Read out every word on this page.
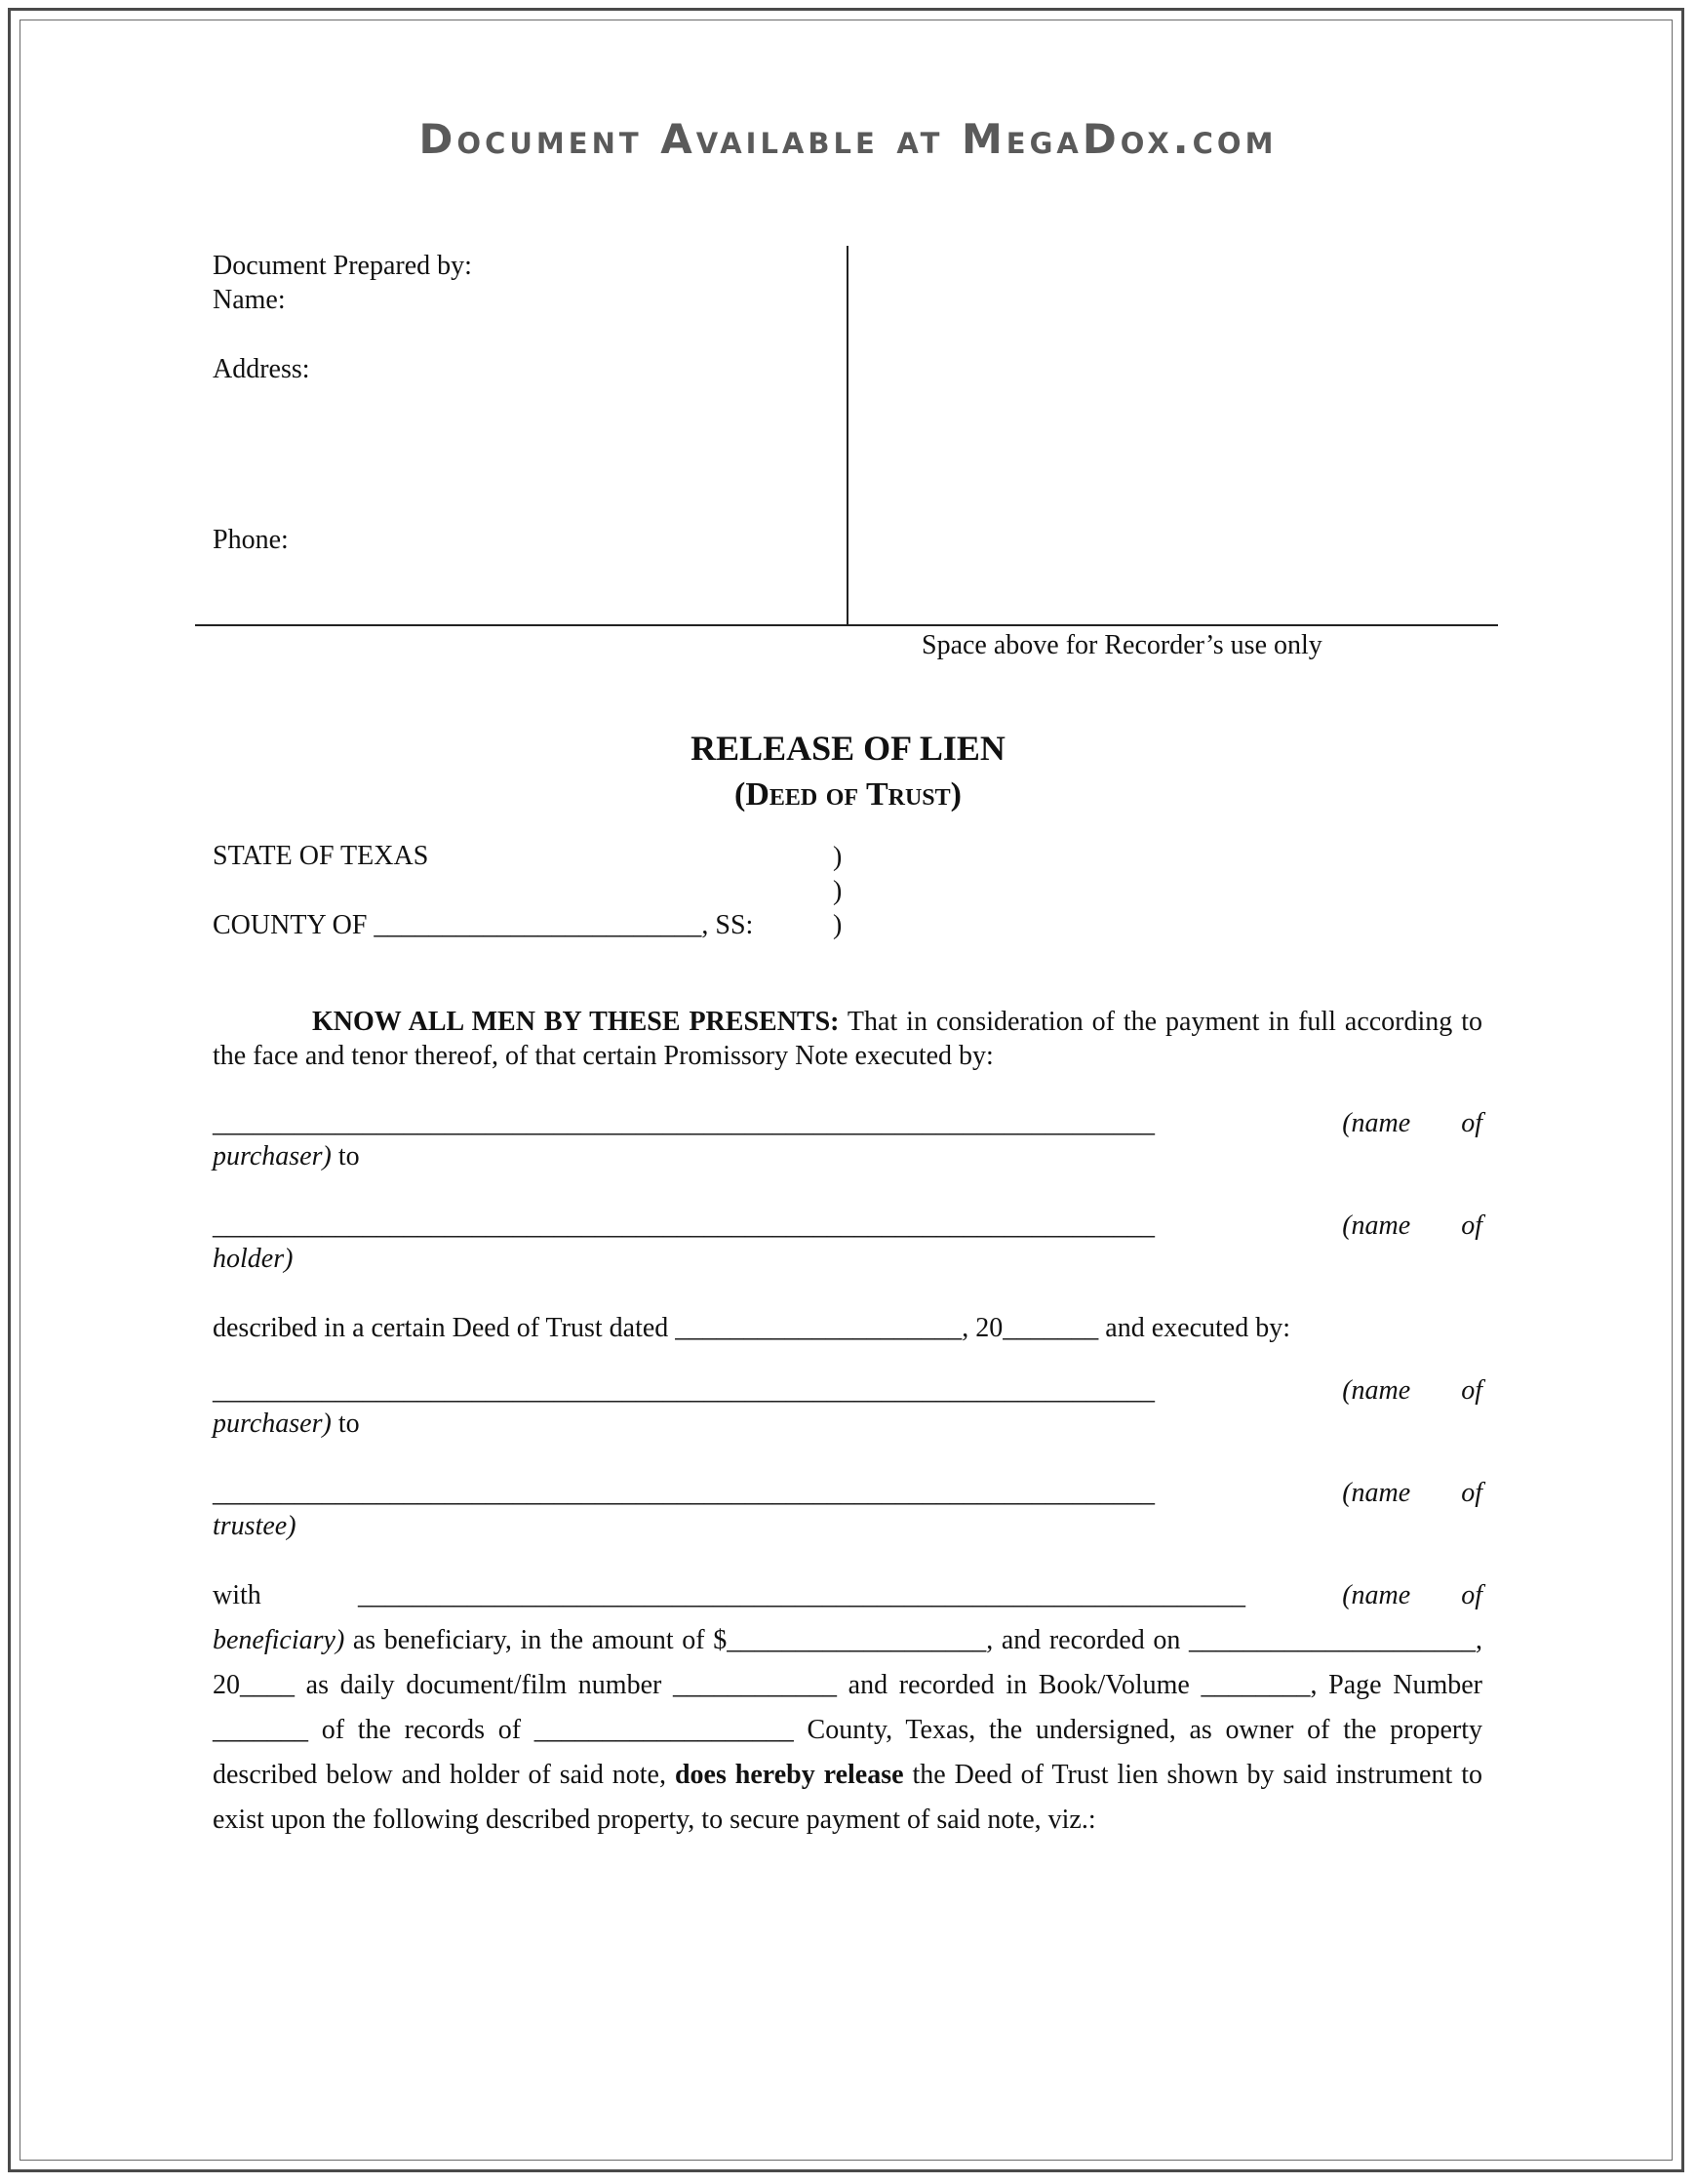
Document Available at MegaDox.com
Document Prepared by:
Name:
Address:
Phone:
Space above for Recorder’s use only
RELEASE OF LIEN
(Deed of Trust)
STATE OF TEXAS
COUNTY OF ________________________, SS:
)
)
)
KNOW ALL MEN BY THESE PRESENTS: That in consideration of the payment in full according to the face and tenor thereof, of that certain Promissory Note executed by:
_____________________________________________________________________	(name of
purchaser) to
_____________________________________________________________________	(name of
holder)
described in a certain Deed of Trust dated _____________________, 20_______ and executed by:
_____________________________________________________________________	(name of
purchaser) to
_____________________________________________________________________	(name of
trustee)
with	_________________________________________________________________	(name of
beneficiary) as beneficiary, in the amount of $___________________, and recorded on _____________________, 20____ as daily document/film number ____________ and recorded in Book/Volume ________, Page Number _______ of the records of ___________________ County, Texas, the undersigned, as owner of the property described below and holder of said note, does hereby release the Deed of Trust lien shown by said instrument to exist upon the following described property, to secure payment of said note, viz.:
